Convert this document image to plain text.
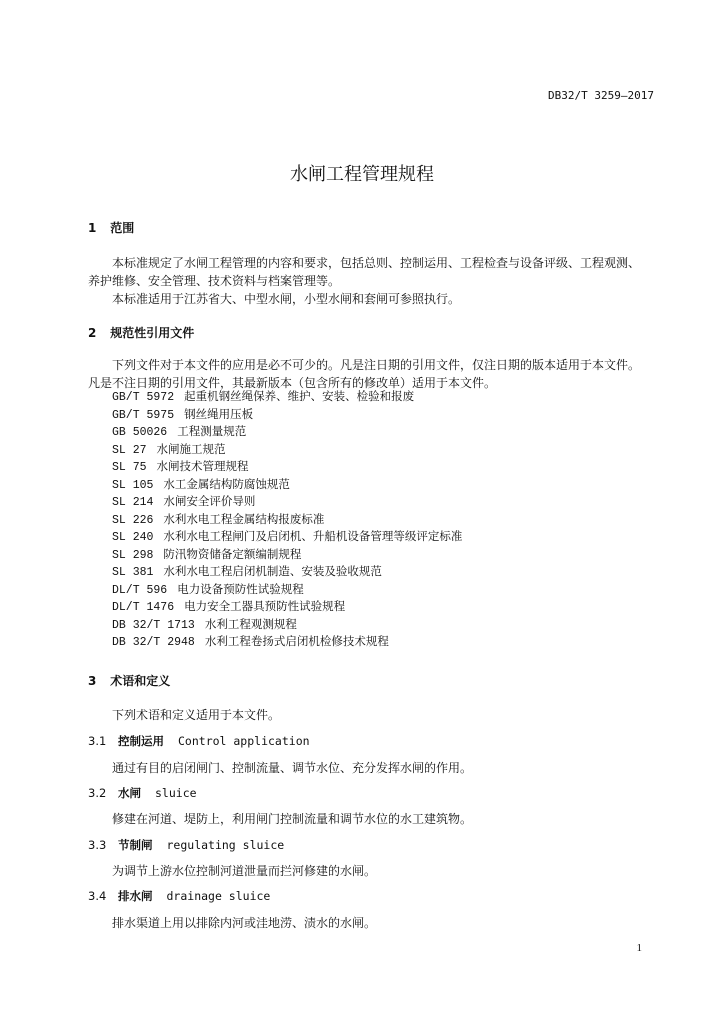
DB32/T 3259—2017
水闸工程管理规程
1 范围
本标准规定了水闸工程管理的内容和要求，包括总则、控制运用、工程检查与设备评级、工程观测、
养护维修、安全管理、技术资料与档案管理等。
本标准适用于江苏省大、中型水闸，小型水闸和套闸可参照执行。
2 规范性引用文件
下列文件对于本文件的应用是必不可少的。凡是注日期的引用文件，仅注日期的版本适用于本文件。
凡是不注日期的引用文件，其最新版本（包含所有的修改单）适用于本文件。
GB/T 5972 起重机钢丝绳保养、维护、安装、检验和报废
GB/T 5975 钢丝绳用压板
GB 50026 工程测量规范
SL 27 水闸施工规范
SL 75 水闸技术管理规程
SL 105 水工金属结构防腐蚀规范
SL 214 水闸安全评价导则
SL 226 水利水电工程金属结构报废标准
SL 240 水利水电工程闸门及启闭机、升船机设备管理等级评定标准
SL 298 防汛物资储备定额编制规程
SL 381 水利水电工程启闭机制造、安装及验收规范
DL/T 596 电力设备预防性试验规程
DL/T 1476 电力安全工器具预防性试验规程
DB 32/T 1713 水利工程观测规程
DB 32/T 2948 水利工程卷扬式启闭机检修技术规程
3 术语和定义
下列术语和定义适用于本文件。
3.1 控制运用 Control application
通过有目的启闭闸门、控制流量、调节水位、充分发挥水闸的作用。
3.2 水闸 sluice
修建在河道、堤防上，利用闸门控制流量和调节水位的水工建筑物。
3.3 节制闸 regulating sluice
为调节上游水位控制河道泄量而拦河修建的水闸。
3.4 排水闸 drainage sluice
排水渠道上用以排除内河或洼地涝、渍水的水闸。
1
